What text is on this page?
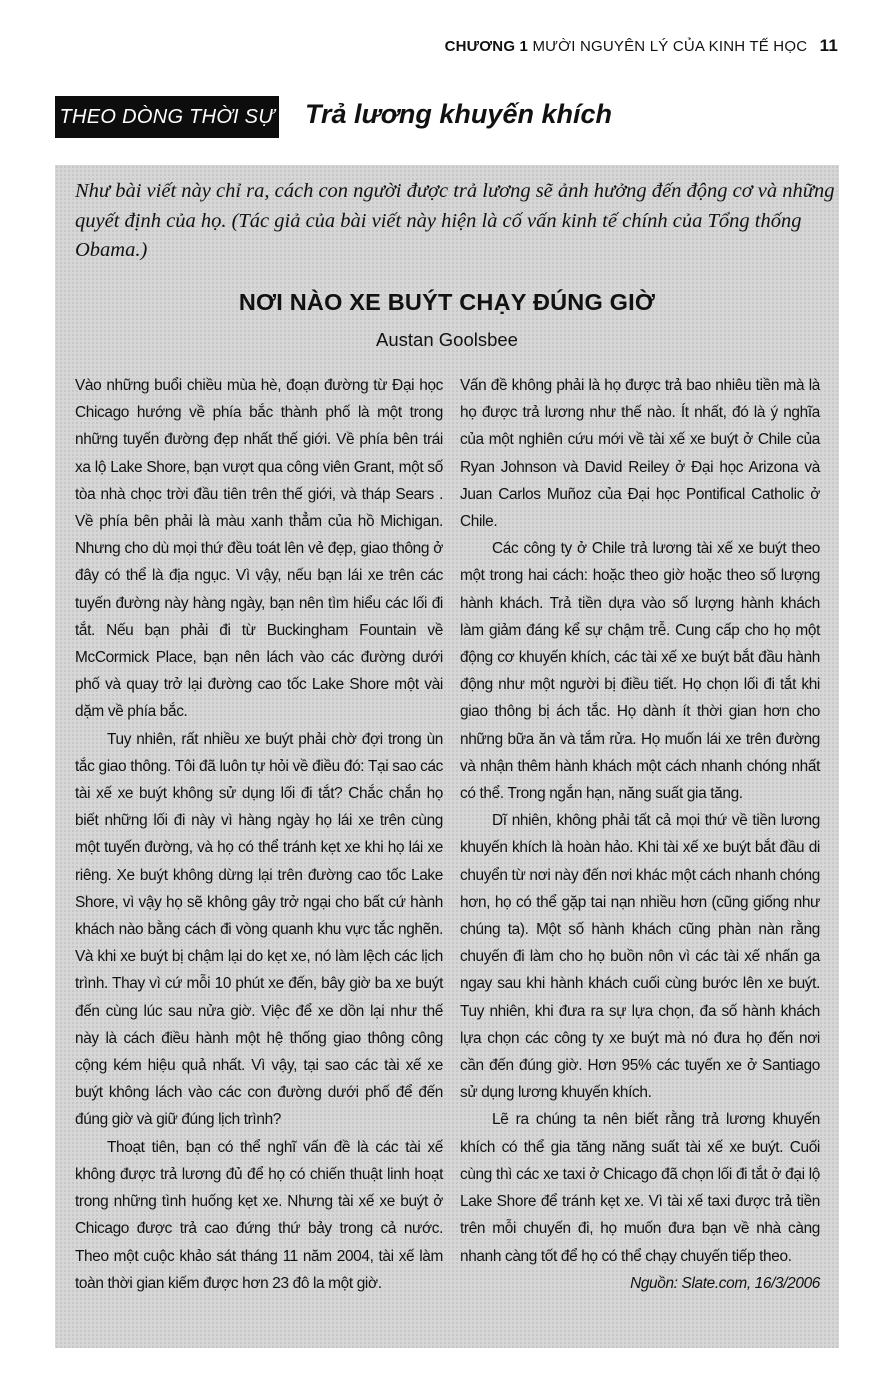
CHƯƠNG 1 MƯỜI NGUYÊN LÝ CỦA KINH TẾ HỌC 11
THEO DÒNG THỜI SỰ Trả lương khuyến khích

Như bài viết này chỉ ra, cách con người được trả lương sẽ ảnh hưởng đến động cơ và những quyết định của họ. (Tác giả của bài viết này hiện là cố vấn kinh tế chính của Tổng thống Obama.)

NƠI NÀO XE BUÝT CHẠY ĐÚNG GIỜ

Austan Goolsbee

Vào những buổi chiều mùa hè, đoạn đường từ Đại học Chicago hướng về phía bắc thành phố là một trong những tuyến đường đẹp nhất thế giới. Về phía bên trái xa lộ Lake Shore, bạn vượt qua công viên Grant, một số tòa nhà chọc trời đầu tiên trên thế giới, và tháp Sears . Về phía bên phải là màu xanh thẳm của hồ Michigan. Nhưng cho dù mọi thứ đều toát lên vẻ đẹp, giao thông ở đây có thể là địa ngục. Vì vậy, nếu bạn lái xe trên các tuyến đường này hàng ngày, bạn nên tìm hiểu các lối đi tắt. Nếu bạn phải đi từ Buckingham Fountain về McCormick Place, bạn nên lách vào các đường dưới phố và quay trở lại đường cao tốc Lake Shore một vài dặm về phía bắc.

Tuy nhiên, rất nhiều xe buýt phải chờ đợi trong ùn tắc giao thông. Tôi đã luôn tự hỏi về điều đó: Tại sao các tài xế xe buýt không sử dụng lối đi tắt? Chắc chắn họ biết những lối đi này vì hàng ngày họ lái xe trên cùng một tuyến đường, và họ có thể tránh kẹt xe khi họ lái xe riêng. Xe buýt không dừng lại trên đường cao tốc Lake Shore, vì vậy họ sẽ không gây trở ngại cho bất cứ hành khách nào bằng cách đi vòng quanh khu vực tắc nghẽn. Và khi xe buýt bị chậm lại do kẹt xe, nó làm lệch các lịch trình. Thay vì cứ mỗi 10 phút xe đến, bây giờ ba xe buýt đến cùng lúc sau nửa giờ. Việc để xe dồn lại như thế này là cách điều hành một hệ thống giao thông công cộng kém hiệu quả nhất. Vì vậy, tại sao các tài xế xe buýt không lách vào các con đường dưới phố để đến đúng giờ và giữ đúng lịch trình?

Thoạt tiên, bạn có thể nghĩ vấn đề là các tài xế không được trả lương đủ để họ có chiến thuật linh hoạt trong những tình huống kẹt xe. Nhưng tài xế xe buýt ở Chicago được trả cao đứng thứ bảy trong cả nước. Theo một cuộc khảo sát tháng 11 năm 2004, tài xế làm toàn thời gian kiếm được hơn 23 đô la một giờ.

Vấn đề không phải là họ được trả bao nhiêu tiền mà là họ được trả lương như thế nào. Ít nhất, đó là ý nghĩa của một nghiên cứu mới về tài xế xe buýt ở Chile của Ryan Johnson và David Reiley ở Đại học Arizona và Juan Carlos Muñoz của Đại học Pontifical Catholic ở Chile.

Các công ty ở Chile trả lương tài xế xe buýt theo một trong hai cách: hoặc theo giờ hoặc theo số lượng hành khách. Trả tiền dựa vào số lượng hành khách làm giảm đáng kể sự chậm trễ. Cung cấp cho họ một động cơ khuyến khích, các tài xế xe buýt bắt đầu hành động như một người bị điều tiết. Họ chọn lối đi tắt khi giao thông bị ách tắc. Họ dành ít thời gian hơn cho những bữa ăn và tắm rửa. Họ muốn lái xe trên đường và nhận thêm hành khách một cách nhanh chóng nhất có thể. Trong ngắn hạn, năng suất gia tăng.

Dĩ nhiên, không phải tất cả mọi thứ về tiền lương khuyến khích là hoàn hảo. Khi tài xế xe buýt bắt đầu di chuyển từ nơi này đến nơi khác một cách nhanh chóng hơn, họ có thể gặp tai nạn nhiều hơn (cũng giống như chúng ta). Một số hành khách cũng phàn nàn rằng chuyến đi làm cho họ buồn nôn vì các tài xế nhấn ga ngay sau khi hành khách cuối cùng bước lên xe buýt. Tuy nhiên, khi đưa ra sự lựa chọn, đa số hành khách lựa chọn các công ty xe buýt mà nó đưa họ đến nơi cần đến đúng giờ. Hơn 95% các tuyến xe ở Santiago sử dụng lương khuyến khích.

Lẽ ra chúng ta nên biết rằng trả lương khuyến khích có thể gia tăng năng suất tài xế xe buýt. Cuối cùng thì các xe taxi ở Chicago đã chọn lối đi tắt ở đại lộ Lake Shore để tránh kẹt xe. Vì tài xế taxi được trả tiền trên mỗi chuyến đi, họ muốn đưa bạn về nhà càng nhanh càng tốt để họ có thể chạy chuyến tiếp theo.

Nguồn: Slate.com, 16/3/2006
